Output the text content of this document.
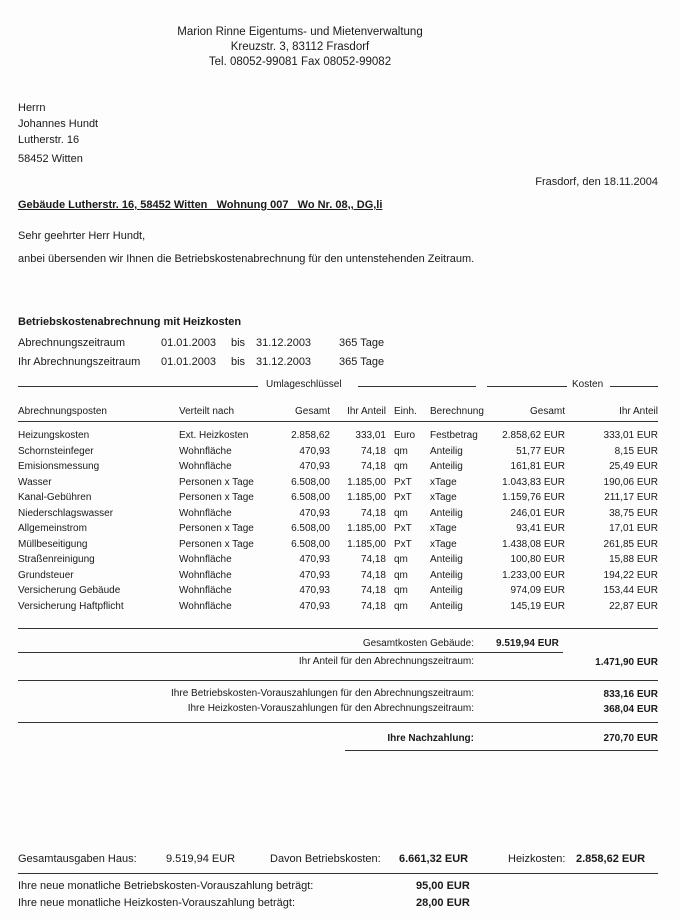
Marion Rinne Eigentums- und Mietenverwaltung
Kreuzstr. 3, 83112 Frasdorf
Tel. 08052-99081 Fax 08052-99082
Herrn
Johannes Hundt
Lutherstr. 16
58452 Witten
Frasdorf, den 18.11.2004
Gebäude Lutherstr. 16, 58452 Witten   Wohnung 007   Wo Nr. 08,, DG,li
Sehr geehrter Herr Hundt,
anbei übersenden wir Ihnen die Betriebskostenabrechnung für den untenstehenden Zeitraum.
Betriebskostenabrechnung mit Heizkosten
Abrechnungszeitraum	01.01.2003 bis 31.12.2003	365 Tage
Ihr Abrechnungszeitraum 01.01.2003 bis 31.12.2003	365 Tage
Umlageschlüssel	Kosten
Abrechnungsposten	Verteilt nach	Gesamt	Ihr Anteil Einh. Berechnung	Gesamt	Ihr Anteil
Heizungskosten	Ext. Heizkosten	2.858,62	333,01 Euro Festbetrag	2.858,62 EUR	333,01 EUR
Schornsteinfeger	Wohnfläche	470,93	74,18 qm Anteilig	51,77 EUR	8,15 EUR
Emisionsmessung	Wohnfläche	470,93	74,18 qm Anteilig	161,81 EUR	25,49 EUR
Wasser	Personen x Tage	6.508,00	1.185,00 PxT xTage	1.043,83 EUR	190,06 EUR
Kanal-Gebühren	Personen x Tage	6.508,00	1.185,00 PxT xTage	1.159,76 EUR	211,17 EUR
Niederschlagswasser	Wohnfläche	470,93	74,18 qm Anteilig	246,01 EUR	38,75 EUR
Allgemeinstrom	Personen x Tage	6.508,00	1.185,00 PxT xTage	93,41 EUR	17,01 EUR
Müllbeseitigung	Personen x Tage	6.508,00	1.185,00 PxT xTage	1.438,08 EUR	261,85 EUR
Straßenreinigung	Wohnfläche	470,93	74,18 qm Anteilig	100,80 EUR	15,88 EUR
Grundsteuer	Wohnfläche	470,93	74,18 qm Anteilig	1.233,00 EUR	194,22 EUR
Versicherung Gebäude	Wohnfläche	470,93	74,18 qm Anteilig	974,09 EUR	153,44 EUR
Versicherung Haftpflicht	Wohnfläche	470,93	74,18 qm Anteilig	145,19 EUR	22,87 EUR
Gesamtkosten Gebäude: 9.519,94 EUR
Ihr Anteil für den Abrechnungszeitraum:	1.471,90 EUR
Ihre Betriebskosten-Vorauszahlungen für den Abrechnungszeitraum:	833,16 EUR
Ihre Heizkosten-Vorauszahlungen für den Abrechnungszeitraum:	368,04 EUR
Ihre Nachzahlung:	270,70 EUR
Gesamtausgaben Haus:	9.519,94 EUR	Davon Betriebskosten: 6.661,32 EUR	Heizkosten: 2.858,62 EUR
Ihre neue monatliche Betriebskosten-Vorauszahlung beträgt:	95,00 EUR
Ihre neue monatliche Heizkosten-Vorauszahlung beträgt:	28,00 EUR
